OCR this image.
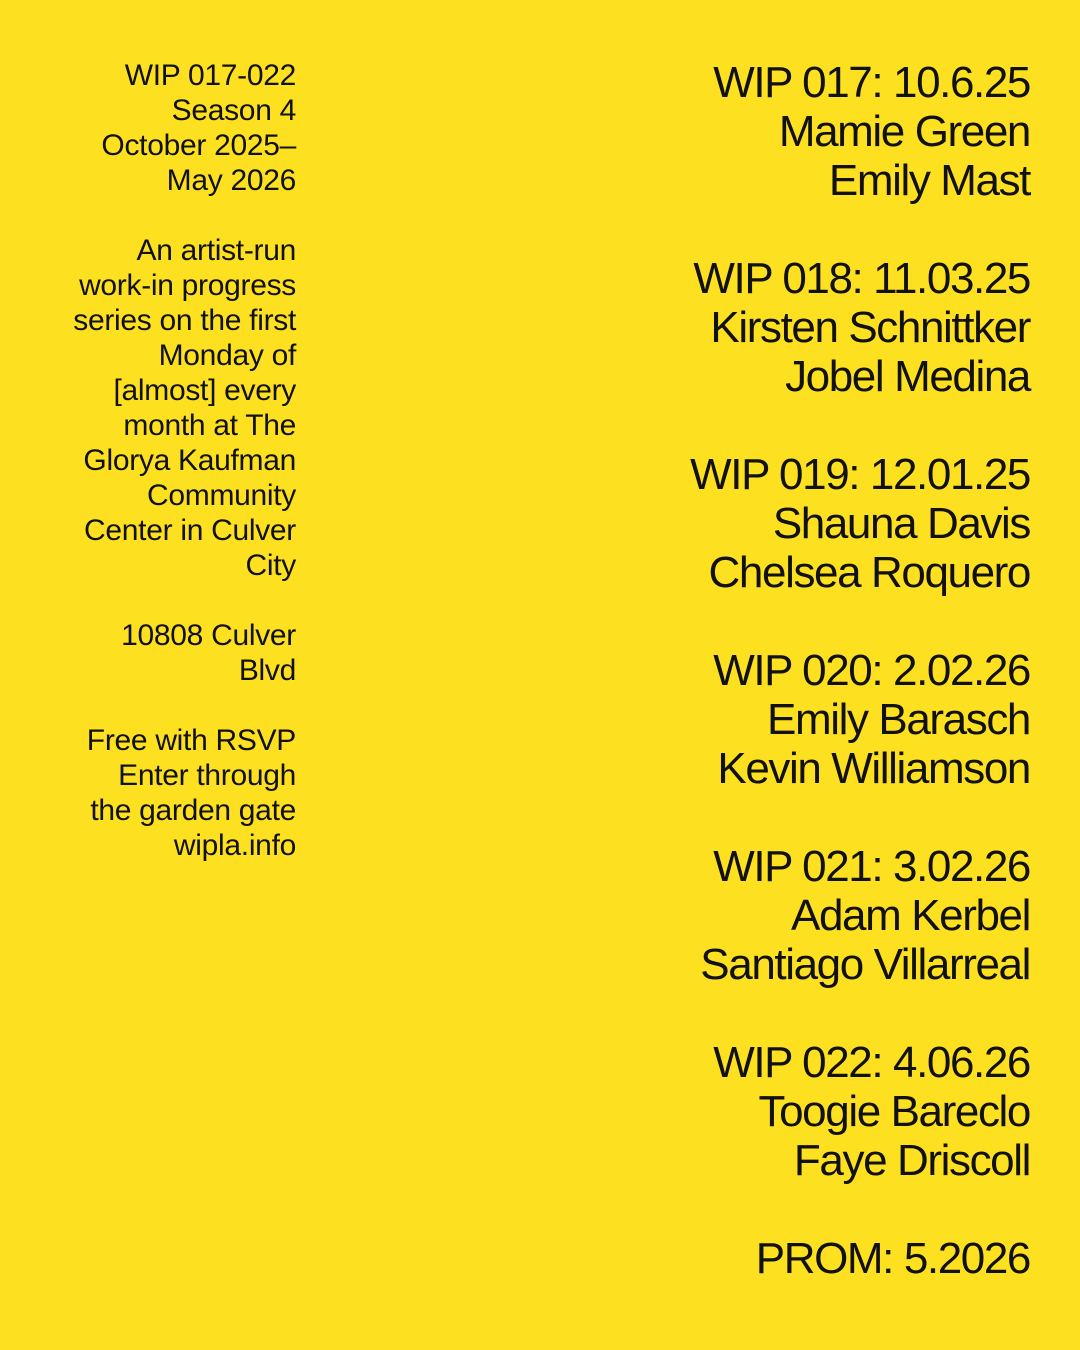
WIP 017-022
Season 4
October 2025–
May 2026
An artist-run
work-in progress
series on the first
Monday of
[almost] every
month at The
Glorya Kaufman
Community
Center in Culver
City
10808 Culver
Blvd
Free with RSVP
Enter through
the garden gate
wipla.info
WIP 017: 10.6.25
Mamie Green
Emily Mast
WIP 018: 11.03.25
Kirsten Schnittker
Jobel Medina
WIP 019: 12.01.25
Shauna Davis
Chelsea Roquero
WIP 020: 2.02.26
Emily Barasch
Kevin Williamson
WIP 021: 3.02.26
Adam Kerbel
Santiago Villarreal
WIP 022: 4.06.26
Toogie Bareclo
Faye Driscoll
PROM: 5.2026
